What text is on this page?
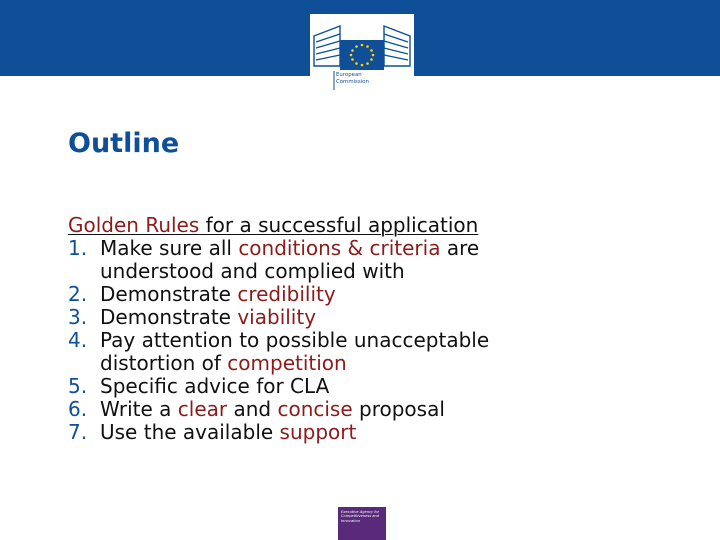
European
Commission
Outline
Golden Rules for a successful application
1. Make sure all conditions & criteria are understood and complied with
2. Demonstrate credibility
3. Demonstrate viability
4. Pay attention to possible unacceptable distortion of competition
5. Specific advice for CLA
6. Write a clear and concise proposal
7. Use the available support
Executive Agency for Competitiveness and Innovation
